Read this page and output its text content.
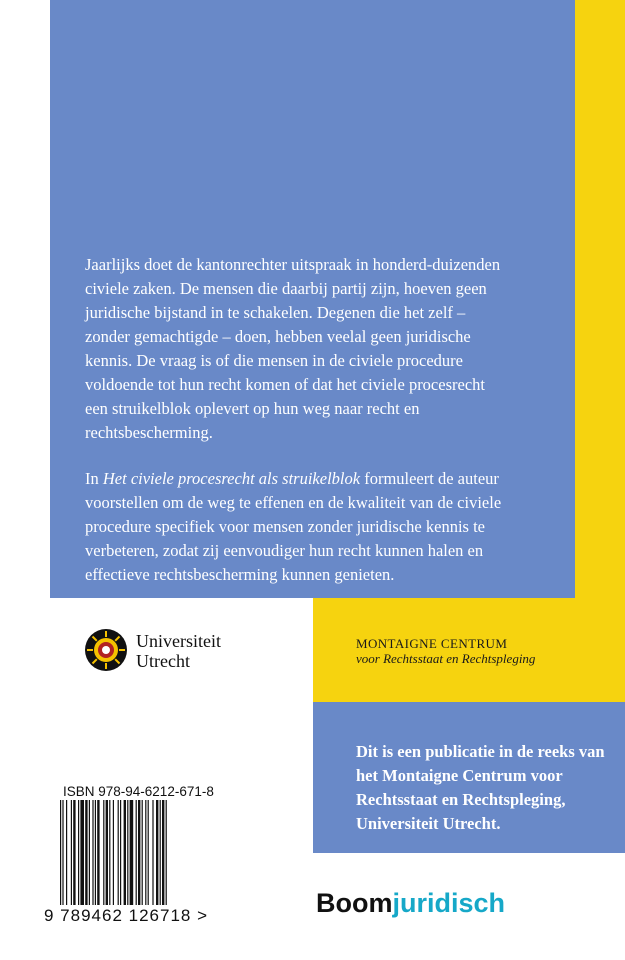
Jaarlijks doet de kantonrechter uitspraak in honderd-duizenden civiele zaken. De mensen die daarbij partij zijn, hoeven geen juridische bijstand in te schakelen. Degenen die het zelf – zonder gemachtigde – doen, hebben veelal geen juridische kennis. De vraag is of die mensen in de civiele procedure voldoende tot hun recht komen of dat het civiele procesrecht een struikelblok oplevert op hun weg naar recht en rechtsbescherming.

In Het civiele procesrecht als struikelblok formuleert de auteur voorstellen om de weg te effenen en de kwaliteit van de civiele procedure specifiek voor mensen zonder juridische kennis te verbeteren, zodat zij eenvoudiger hun recht kunnen halen en effectieve rechtsbescherming kunnen genieten.

Universiteit
Utrecht
MONTAIGNE CENTRUM
voor Rechtsstaat en Rechtspleging
Dit is een publicatie in de reeks van het Montaigne Centrum voor Rechtsstaat en Rechtspleging, Universiteit Utrecht.
ISBN 978-94-6212-671-8
9 789462 126718 >	Boomjuridisch
